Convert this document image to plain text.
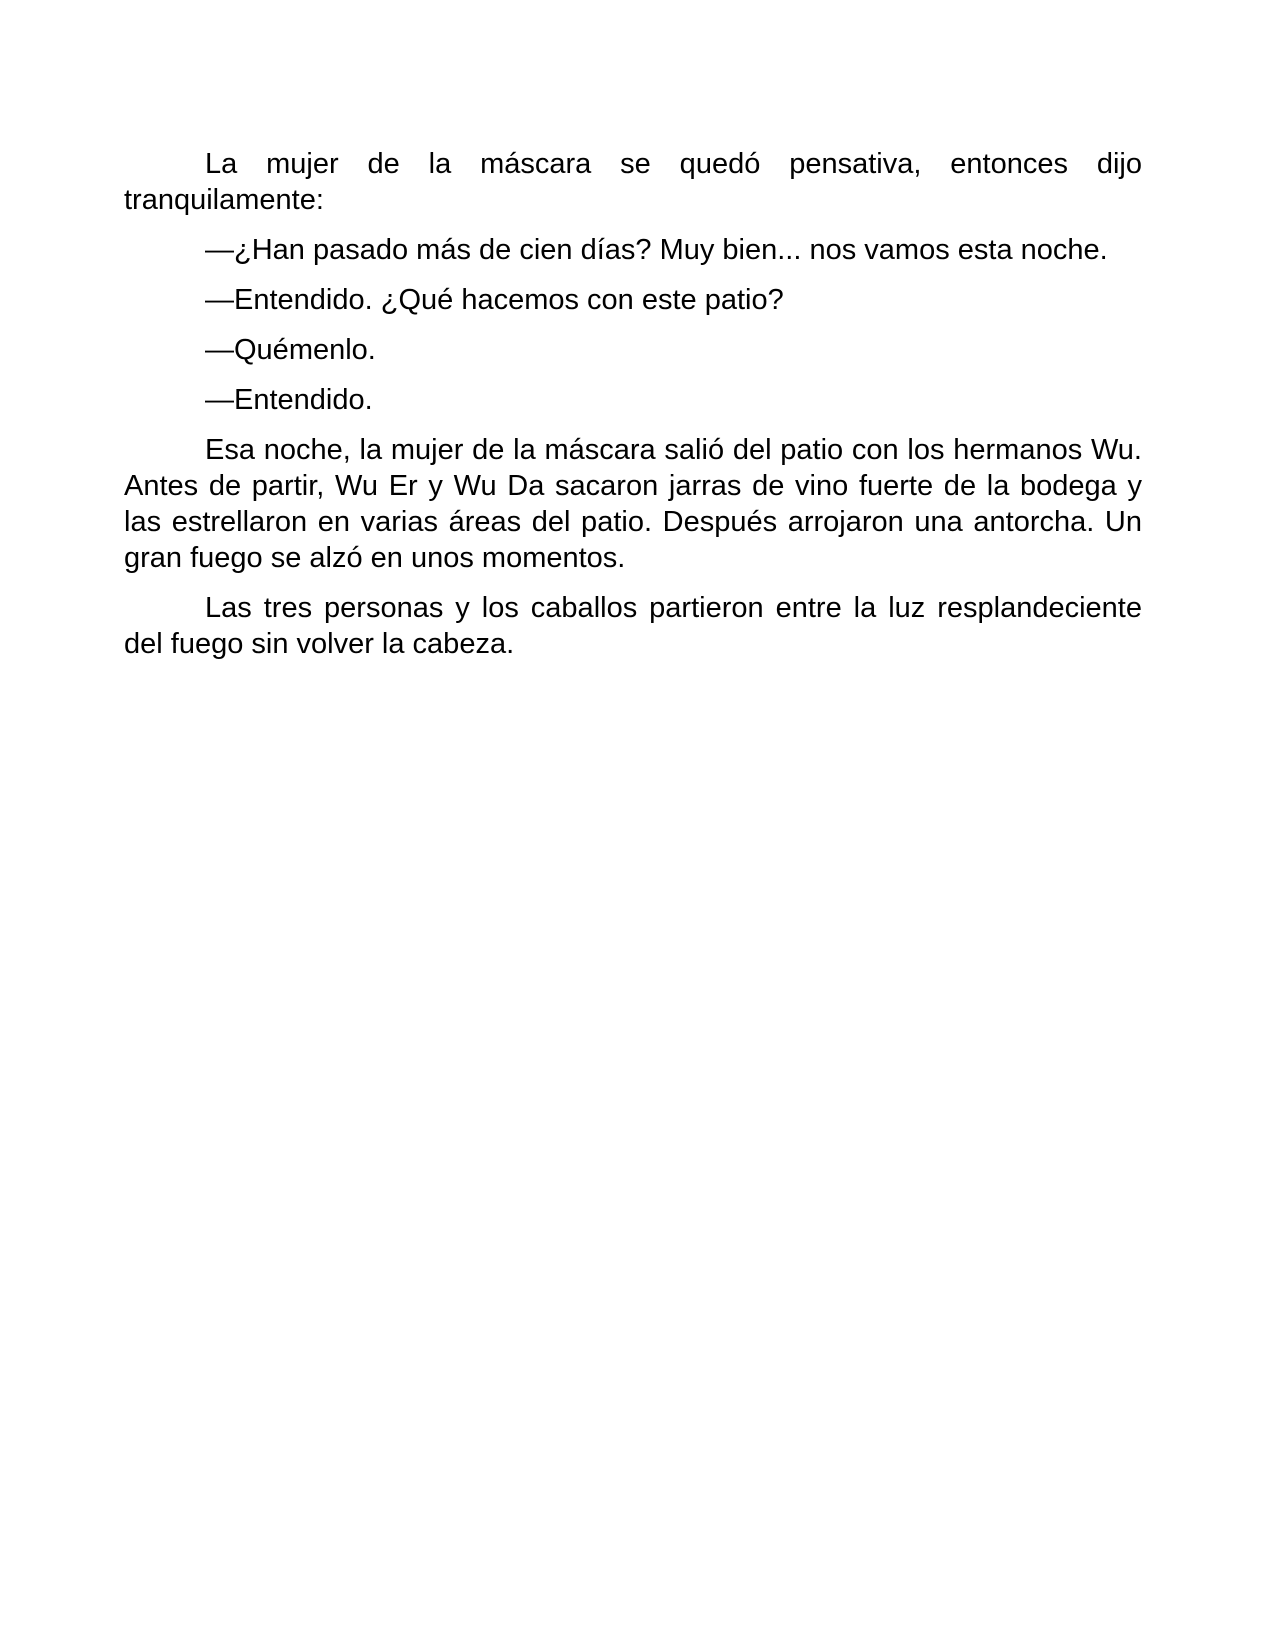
La mujer de la máscara se quedó pensativa, entonces dijo tranquilamente:

—¿Han pasado más de cien días? Muy bien... nos vamos esta noche.

—Entendido. ¿Qué hacemos con este patio?

—Quémenlo.

—Entendido.

Esa noche, la mujer de la máscara salió del patio con los hermanos Wu. Antes de partir, Wu Er y Wu Da sacaron jarras de vino fuerte de la bodega y las estrellaron en varias áreas del patio. Después arrojaron una antorcha. Un gran fuego se alzó en unos momentos.

Las tres personas y los caballos partieron entre la luz resplandeciente del fuego sin volver la cabeza.
